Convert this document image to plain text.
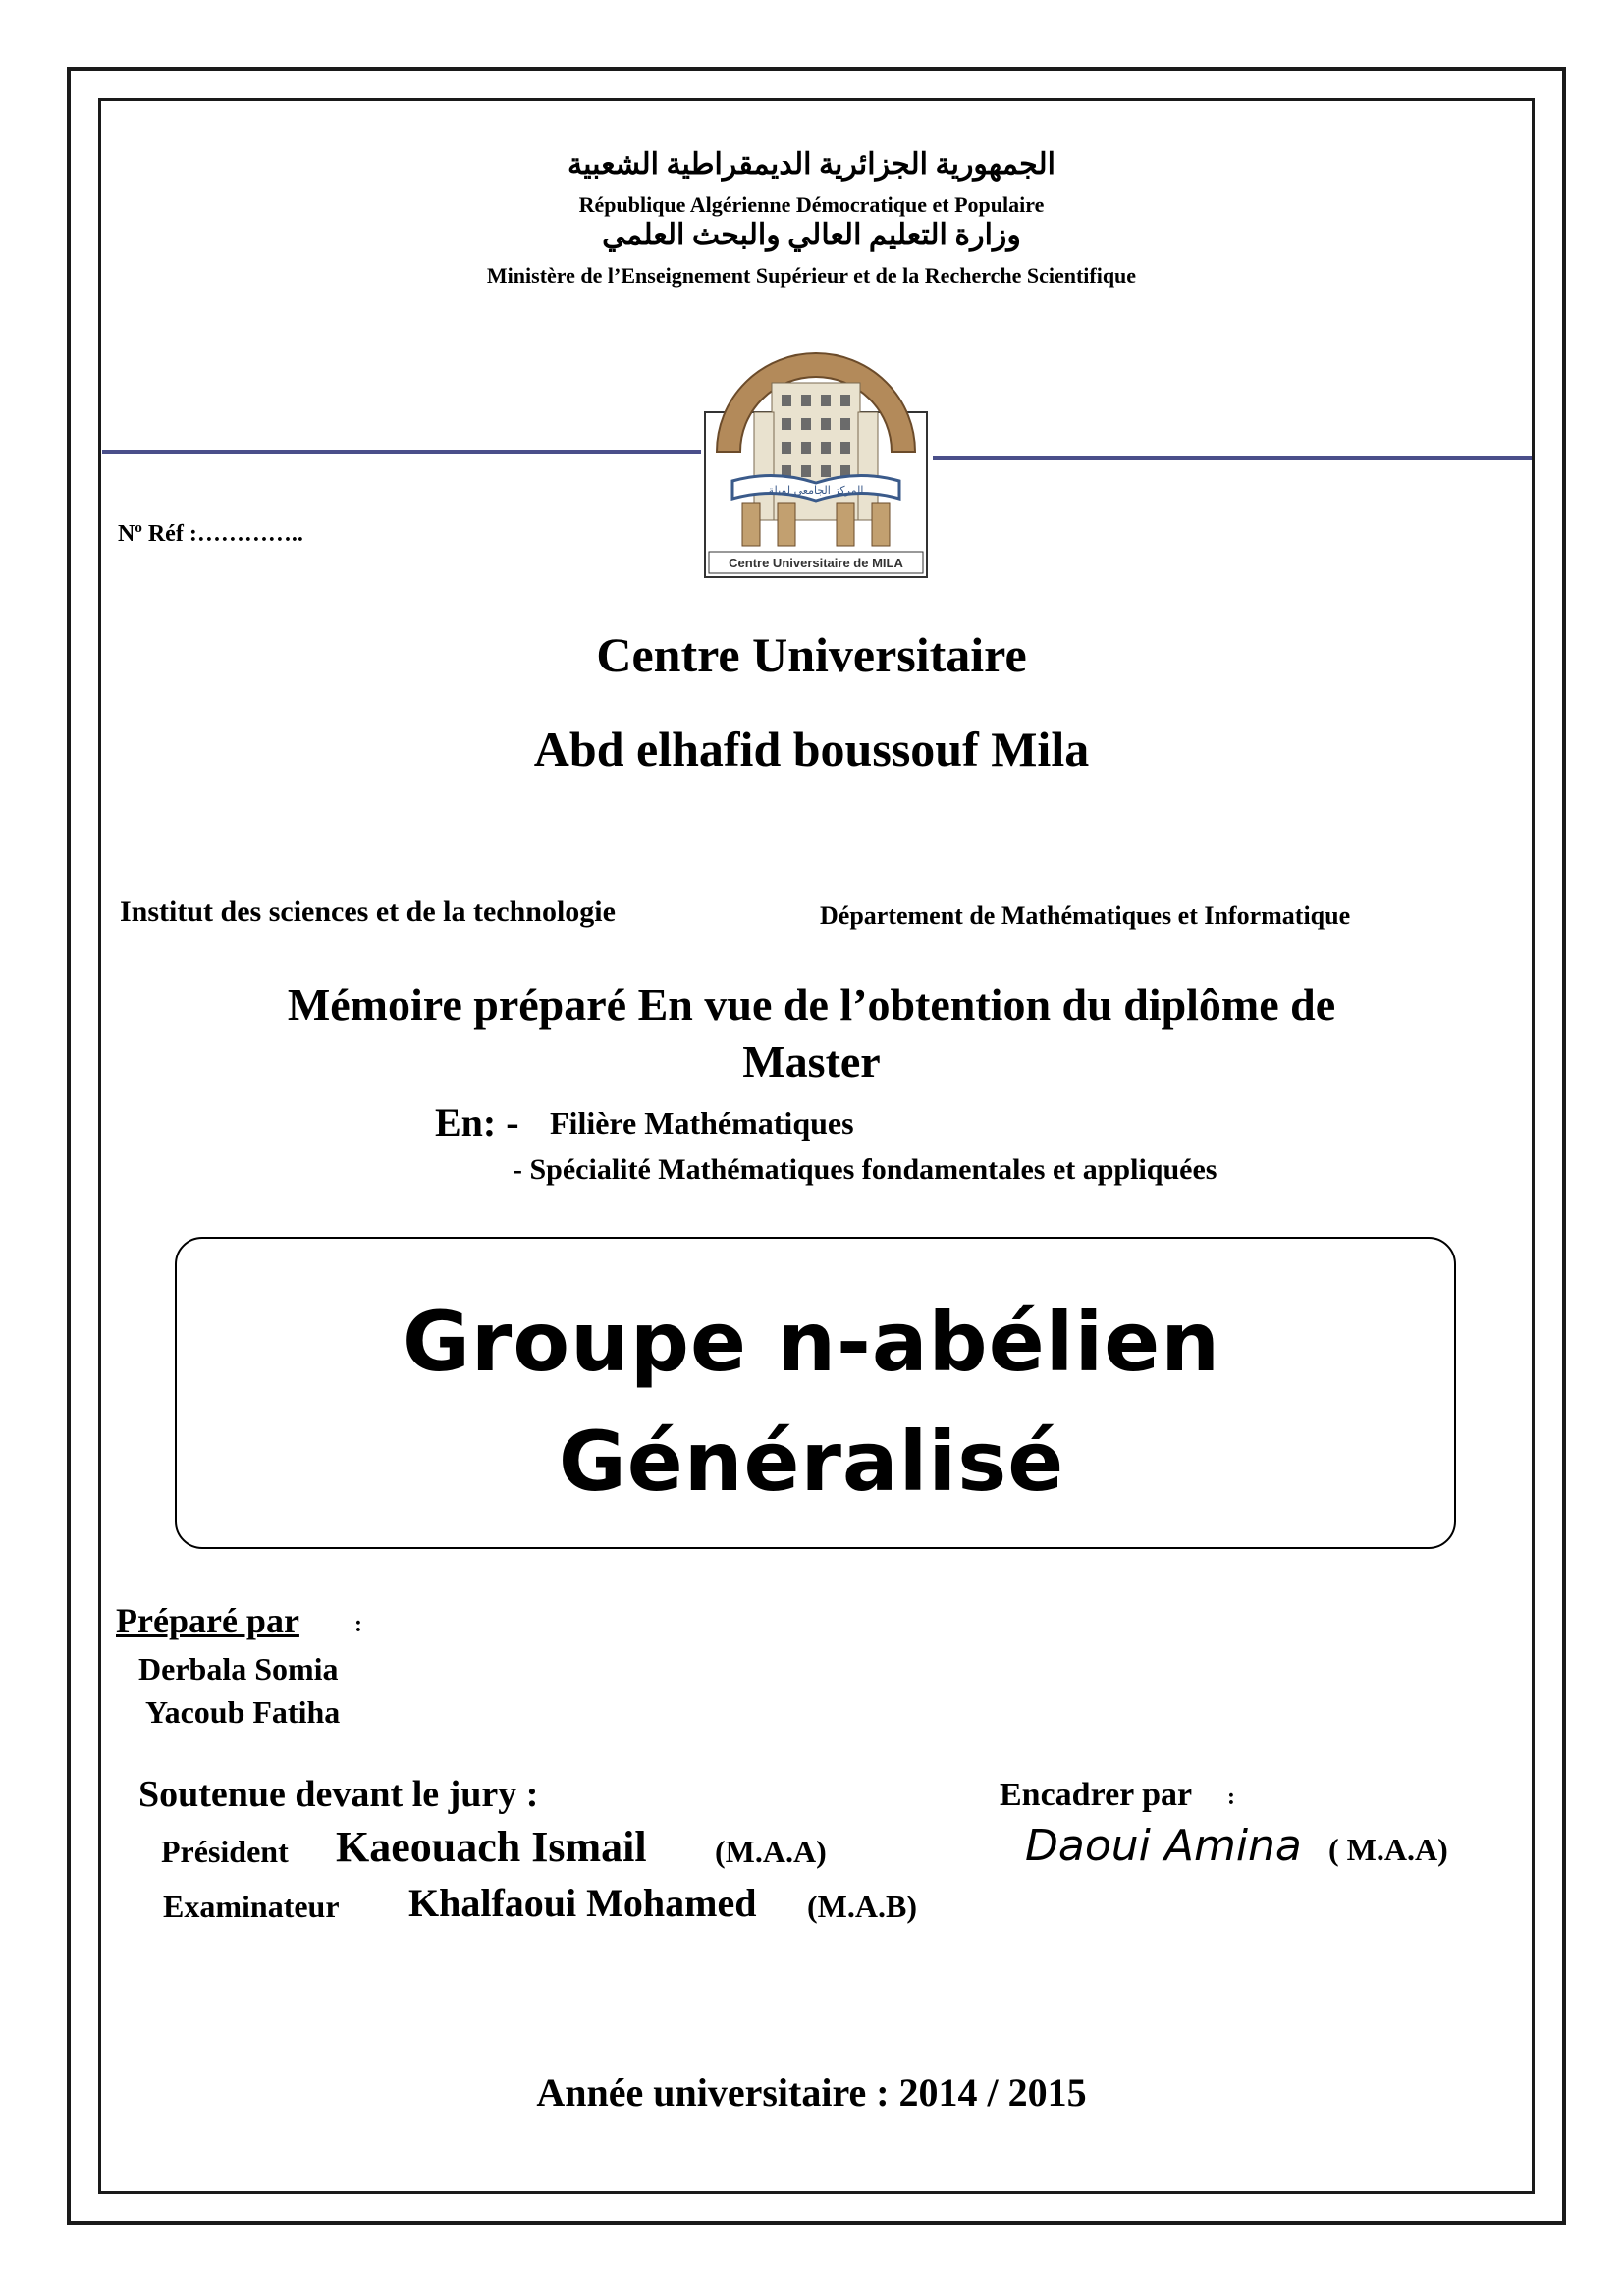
الجمهورية الجزائرية الديمقراطية الشعبية
République Algérienne Démocratique et Populaire
وزارة التعليم العالي والبحث العلمي
Ministère de l’Enseignement Supérieur et de la Recherche Scientifique
المركز الجامعي لميلة
Centre Universitaire de MILA
$N^o$ Réf :…………..
Centre Universitaire
Abd elhafid boussouf Mila
Institut des sciences et de la technologie	Département de Mathématiques et Informatique
Mémoire préparé En vue de l’obtention du diplôme de
Master
En: - Filière Mathématiques
- Spécialité Mathématiques fondamentales et appliquées
Groupe n-abélien
Généralisé
Préparé par :
Derbala Somia
Yacoub Fatiha
Soutenue devant le jury :
Président Kaeouach Ismail (M.A.A)
Examinateur Khalfaoui Mohamed (M.A.B)
Encadrer par :
Daoui Amina ( M.A.A)
Année universitaire : 2014 / 2015
